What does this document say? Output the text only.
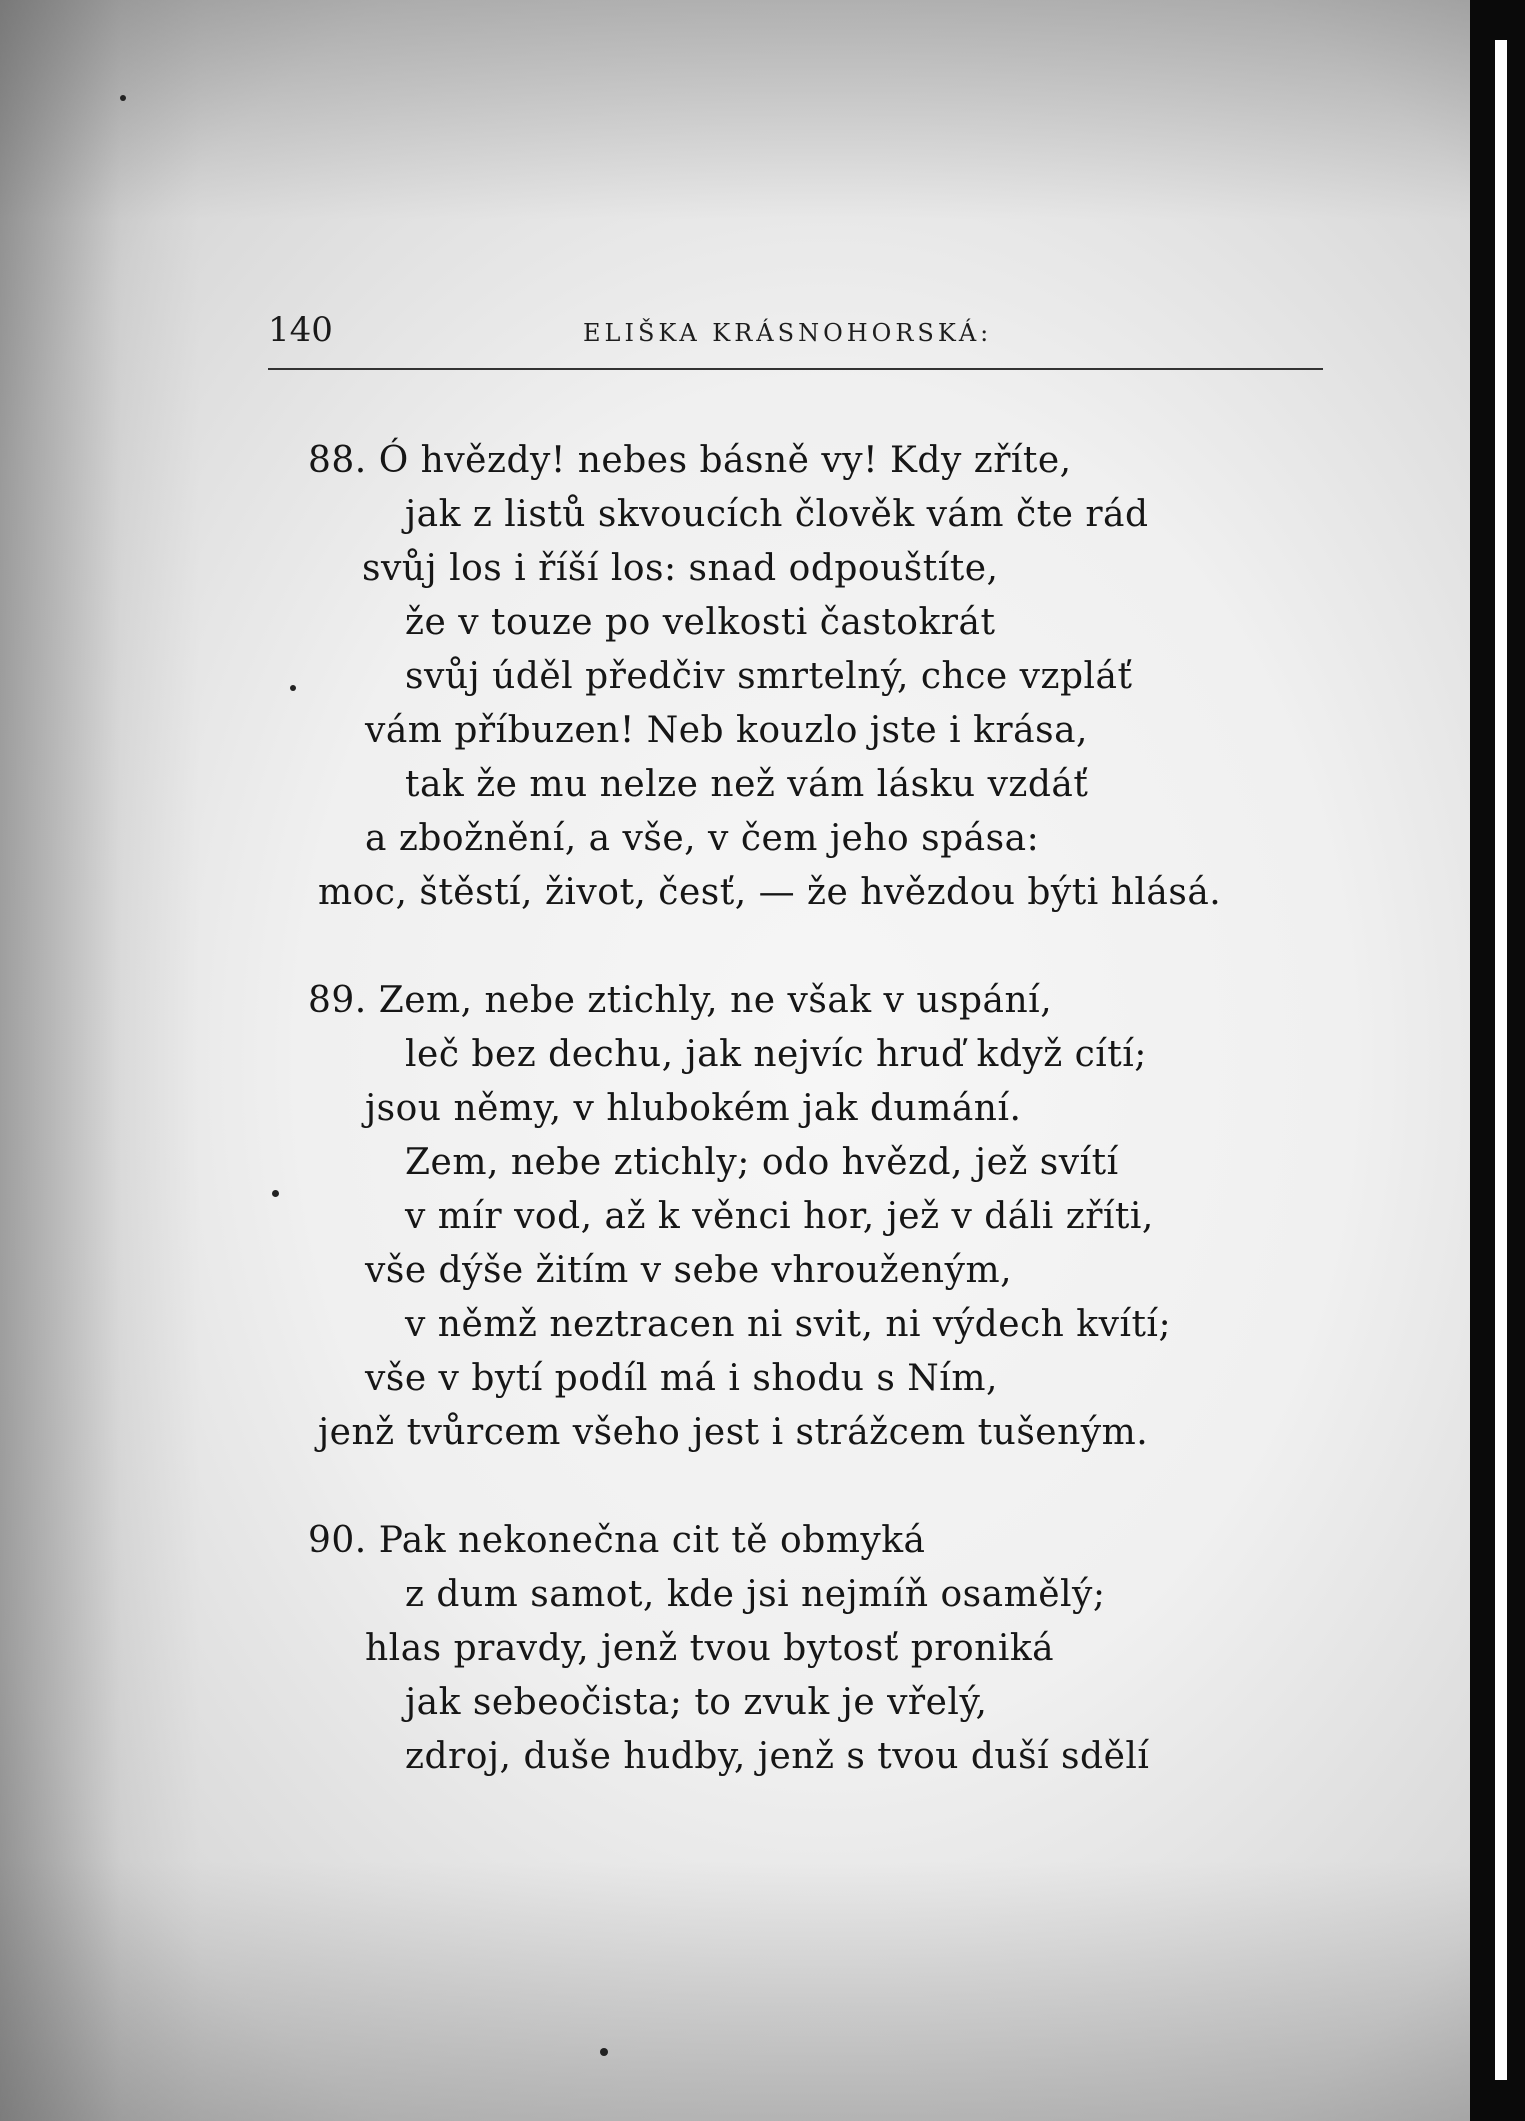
140	ELIŠKA KRÁSNOHORSKÁ:

88. Ó hvězdy! nebes básně vy! Kdy zříte,

jak z listů skvoucích člověk vám čte rád

svůj los i říší los: snad odpouštíte,

že v touze po velkosti častokrát

svůj úděl předčiv smrtelný, chce vzpláť

vám příbuzen! Neb kouzlo jste i krása,

tak že mu nelze než vám lásku vzdáť

a zbožnění, a vše, v čem jeho spása:

moc, štěstí, život, česť, — že hvězdou býti hlásá.

89. Zem, nebe ztichly, ne však v uspání,

leč bez dechu, jak nejvíc hruď když cítí;

jsou němy, v hlubokém jak dumání.

Zem, nebe ztichly; odo hvězd, jež svítí

v mír vod, až k věnci hor, jež v dáli zříti,

vše dýše žitím v sebe vhrouženým,

v němž neztracen ni svit, ni výdech kvítí;

vše v bytí podíl má i shodu s Ním,

jenž tvůrcem všeho jest i strážcem tušeným.

90. Pak nekonečna cit tě obmyká

z dum samot, kde jsi nejmíň osamělý;

hlas pravdy, jenž tvou bytosť proniká

jak sebeočista; to zvuk je vřelý,

zdroj, duše hudby, jenž s tvou duší sdělí
